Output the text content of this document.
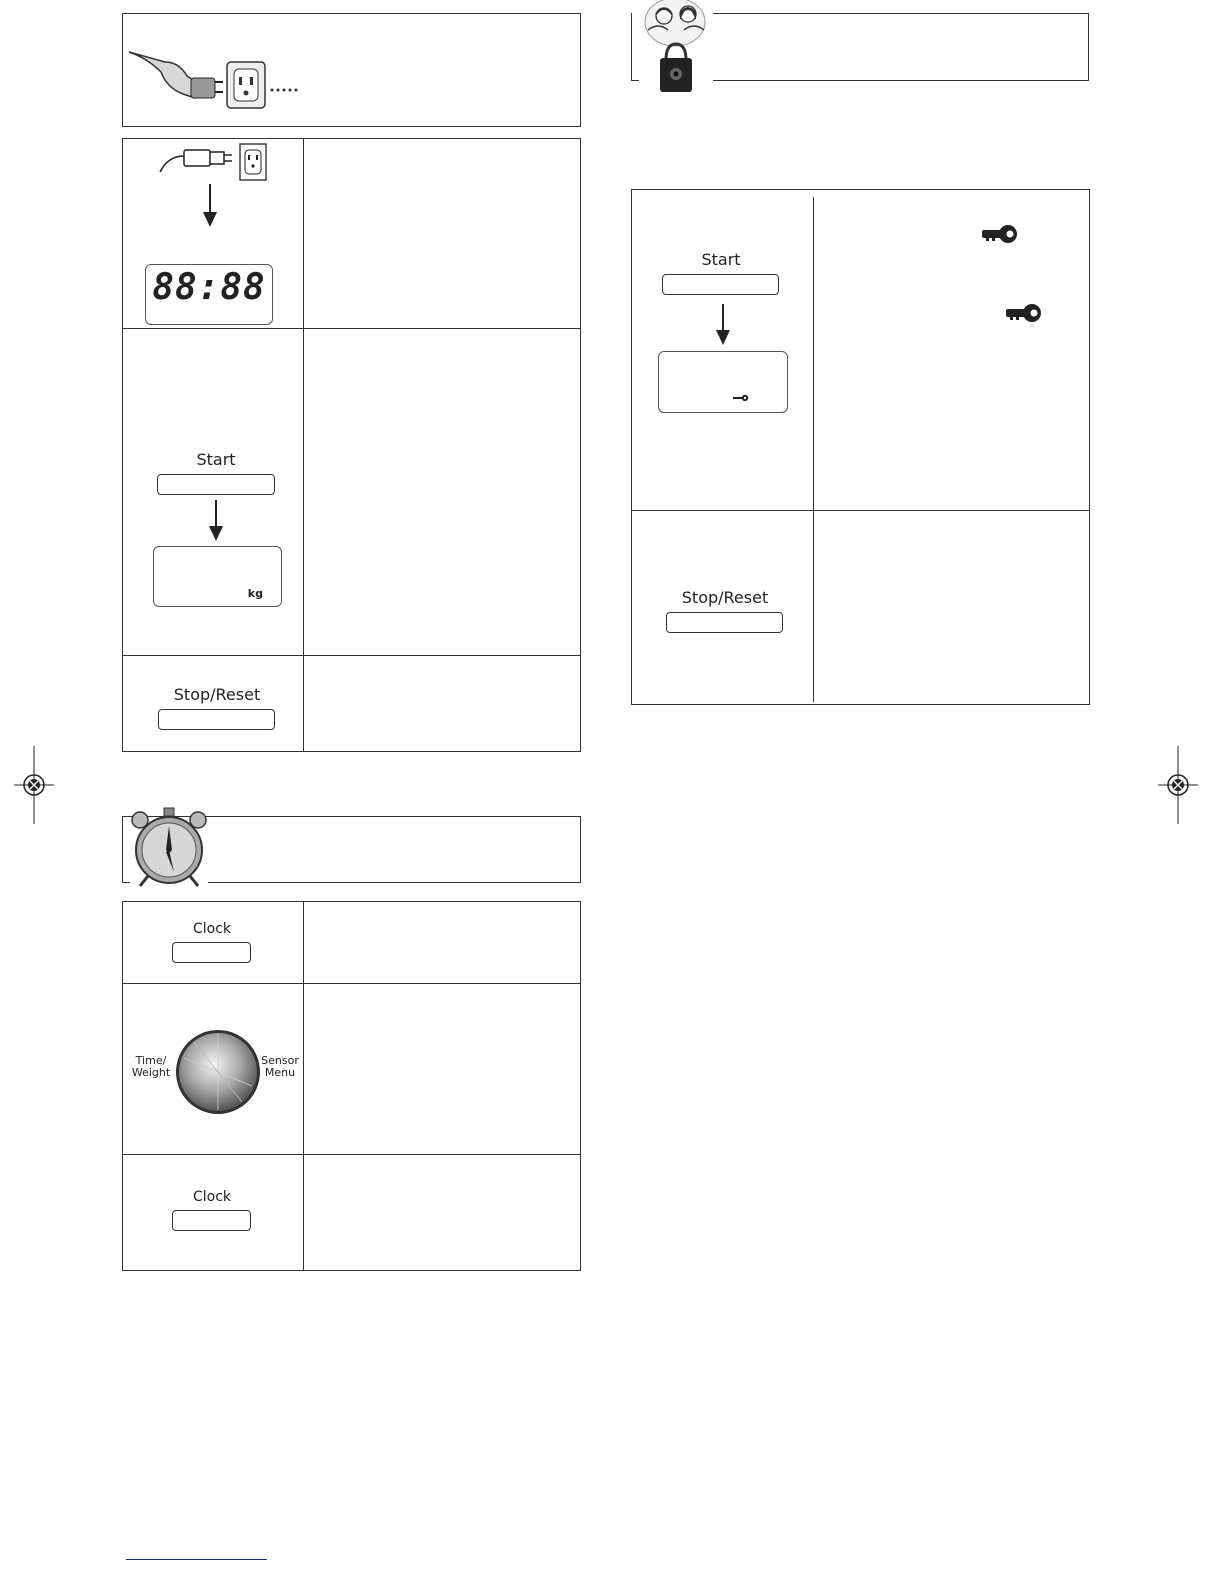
88:88
Start
kg
Stop/Reset
Clock
Time/
Weight
Sensor
Menu
Clock
Start
Stop/Reset
